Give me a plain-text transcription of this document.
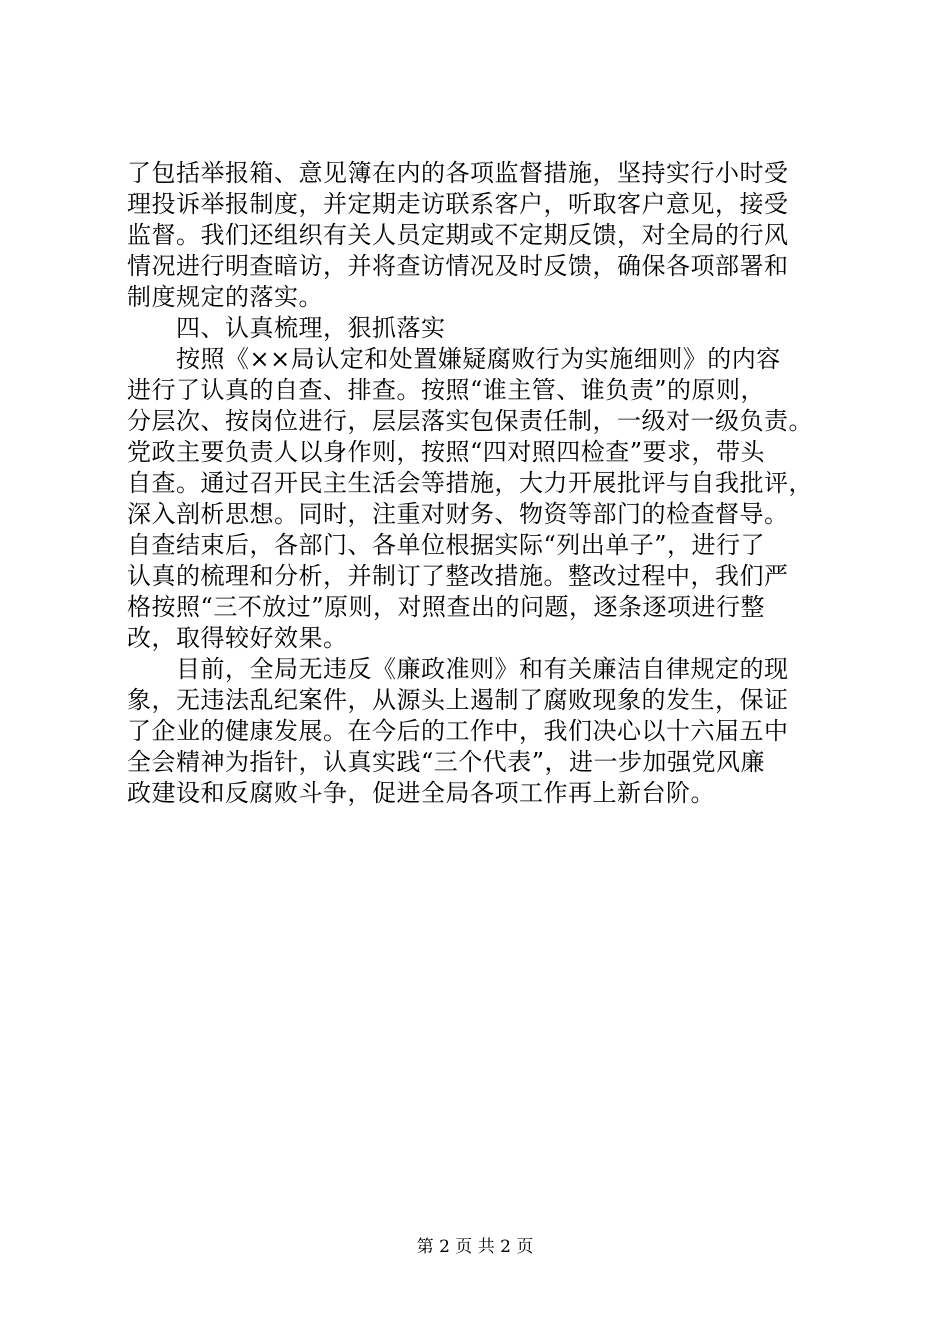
了包括举报箱、意见簿在内的各项监督措施，坚持实行小时受
理投诉举报制度，并定期走访联系客户，听取客户意见，接受
监督。我们还组织有关人员定期或不定期反馈，对全局的行风
情况进行明查暗访，并将查访情况及时反馈，确保各项部署和
制度规定的落实。
　　四、认真梳理，狠抓落实
　　按照《××局认定和处置嫌疑腐败行为实施细则》的内容
进行了认真的自查、排查。按照“谁主管、谁负责”的原则，
分层次、按岗位进行，层层落实包保责任制，一级对一级负责。
党政主要负责人以身作则，按照“四对照四检查”要求，带头
自查。通过召开民主生活会等措施，大力开展批评与自我批评，
深入剖析思想。同时，注重对财务、物资等部门的检查督导。
自查结束后，各部门、各单位根据实际“列出单子”，进行了
认真的梳理和分析，并制订了整改措施。整改过程中，我们严
格按照“三不放过”原则，对照查出的问题，逐条逐项进行整
改，取得较好效果。
　　目前，全局无违反《廉政准则》和有关廉洁自律规定的现
象，无违法乱纪案件，从源头上遏制了腐败现象的发生，保证
了企业的健康发展。在今后的工作中，我们决心以十六届五中
全会精神为指针，认真实践“三个代表”，进一步加强党风廉
政建设和反腐败斗争，促进全局各项工作再上新台阶。
第 2 页 共 2 页
